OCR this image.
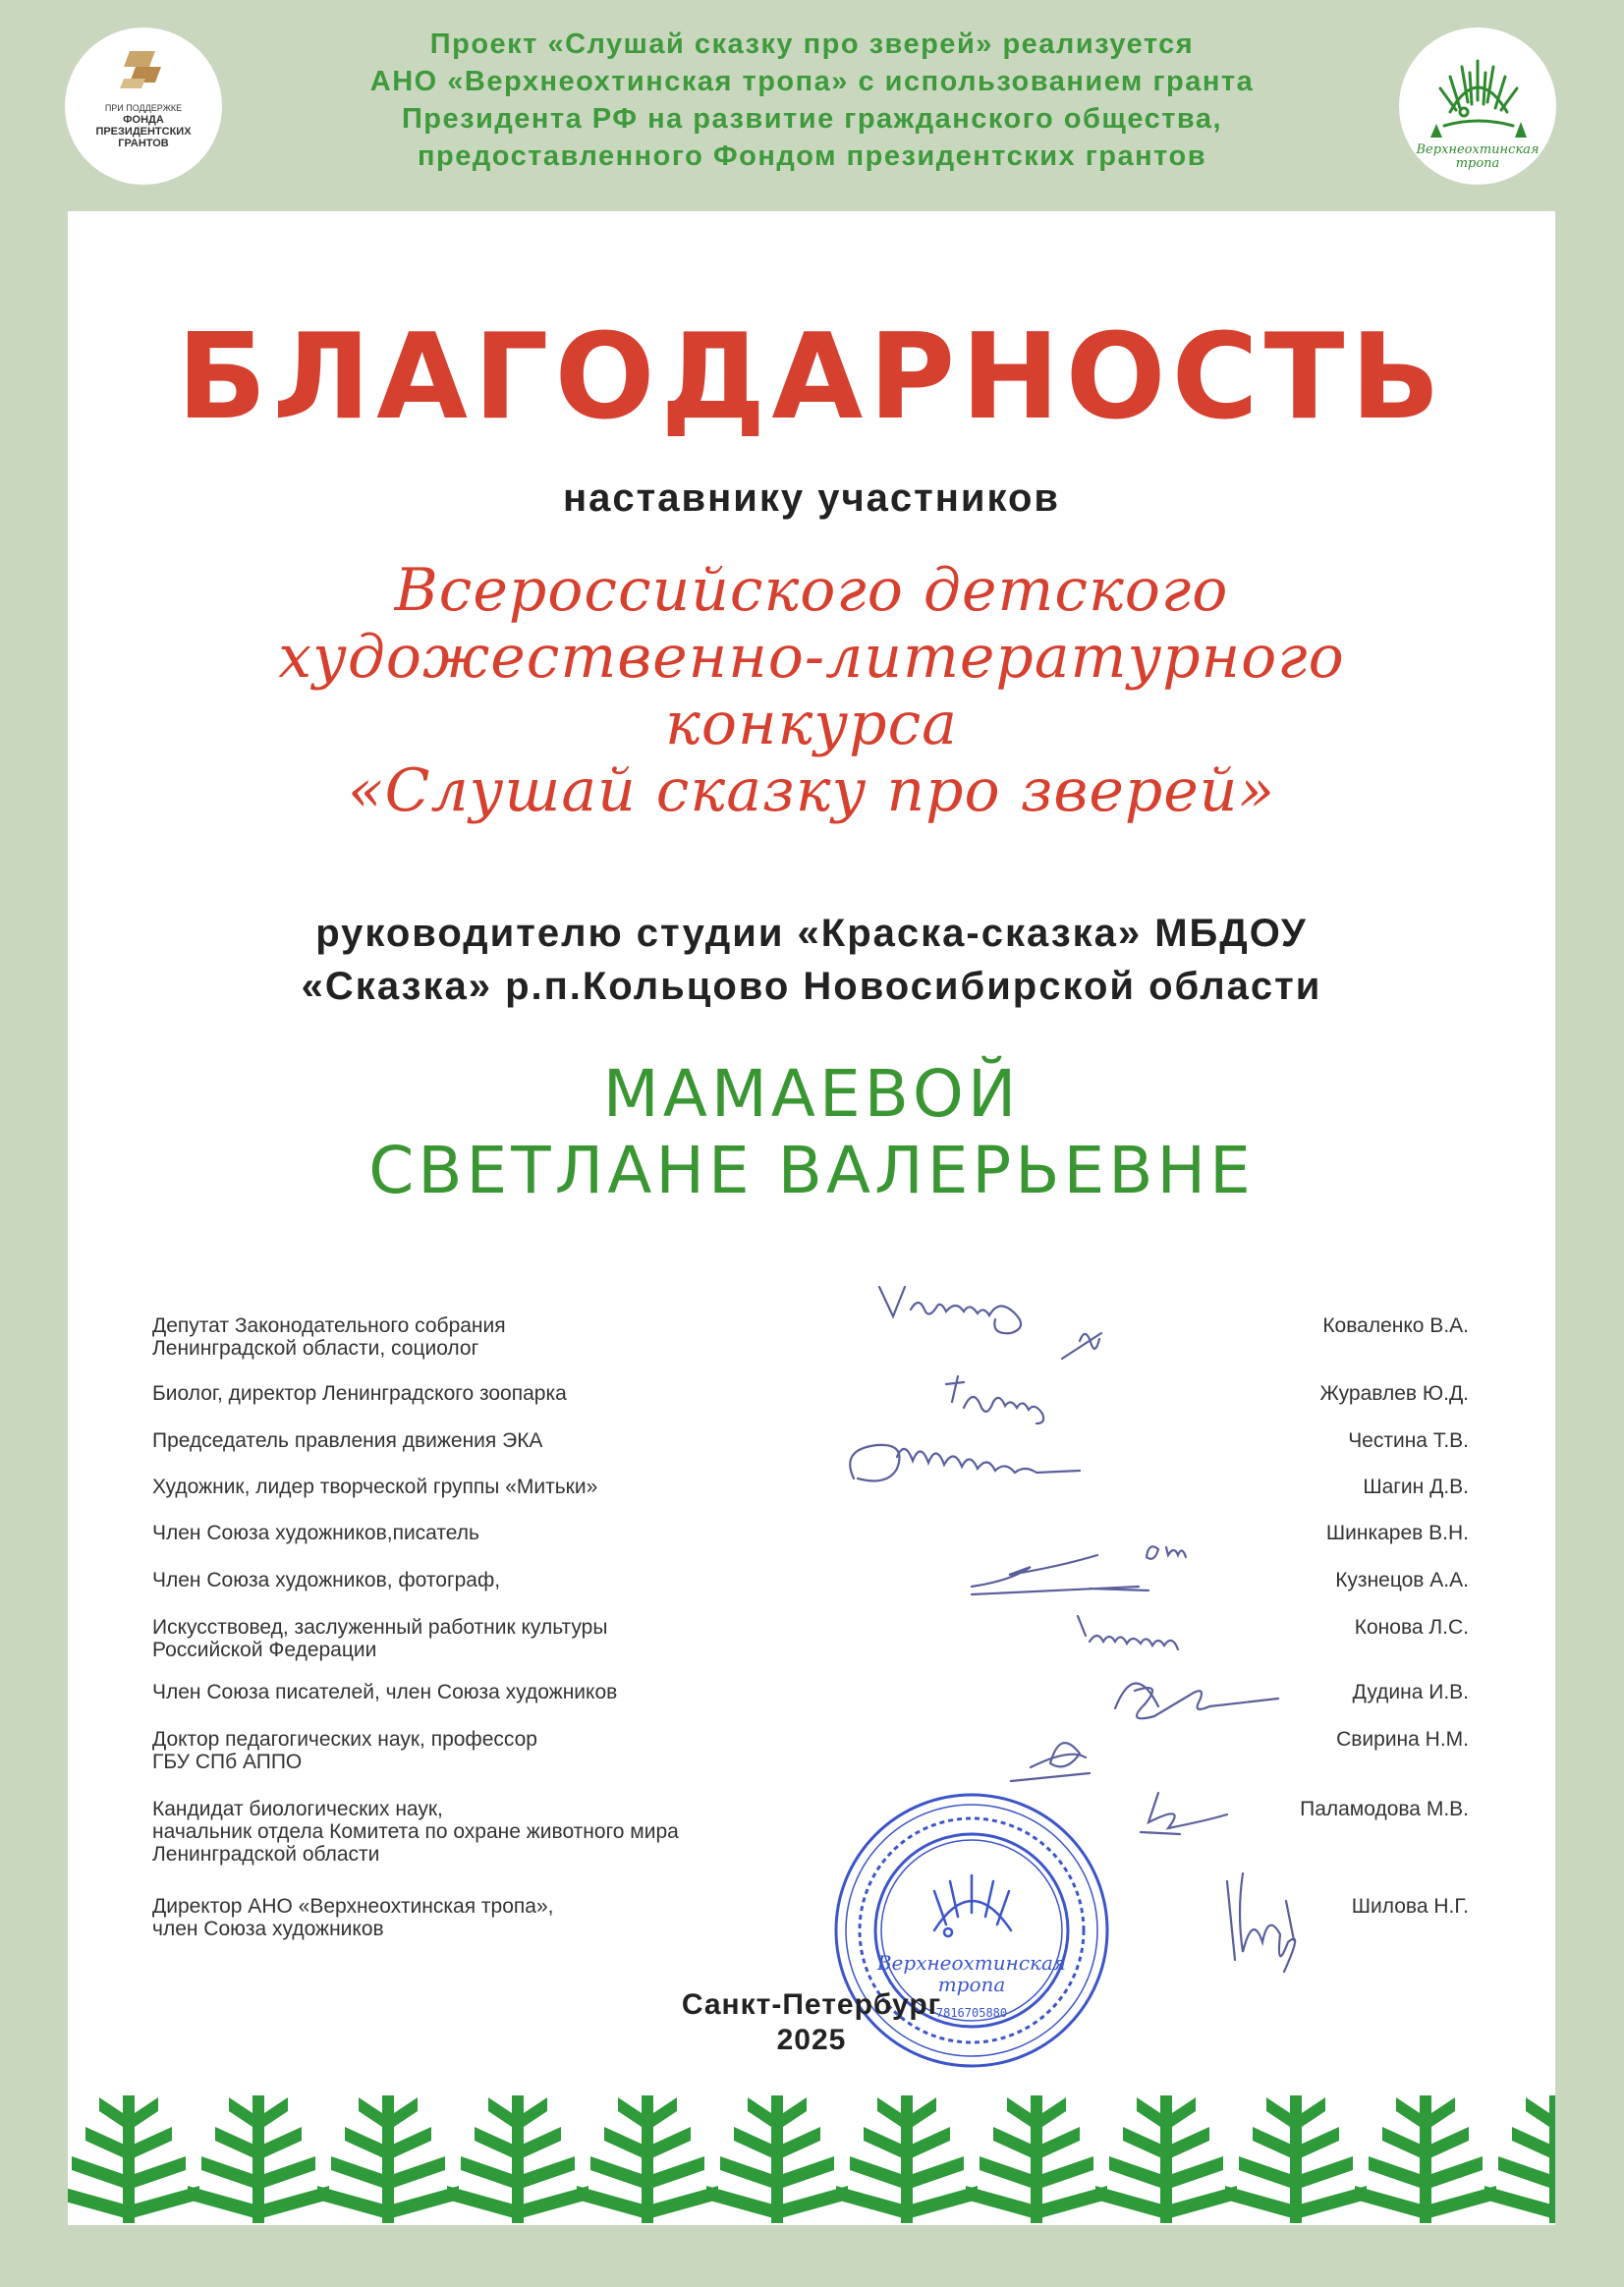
ПРИ ПОДДЕРЖКЕ
ФОНДА
ПРЕЗИДЕНТСКИХ
ГРАНТОВ
Проект «Слушай сказку про зверей» реализуется
АНО «Верхнеохтинская тропа» с использованием гранта
Президента РФ на развитие гражданского общества,
предоставленного Фондом президентских грантов	Верхнеохтинская тропа
БЛАГОДАРНОСТЬ
наставнику участников
Всероссийского детского
художественно-литературного
конкурса
«Слушай сказку про зверей»
руководителю студии «Краска-сказка» МБДОУ
«Сказка» р.п.Кольцово Новосибирской области
МАМАЕВОЙ
СВЕТЛАНЕ ВАЛЕРЬЕВНЕ
Верхнеохтинская
тропа
7816705880
Депутат Законодательного собрания
Ленинградской области, социолог
Коваленко В.А.
Биолог, директор Ленинградского зоопарка	Журавлев Ю.Д.
Председатель правления движения ЭКА	Честина Т.В.
Художник, лидер творческой группы «Митьки»	Шагин Д.В.
Член Союза художников,писатель	Шинкарев В.Н.
Член Союза художников, фотограф,	Кузнецов А.А.
Искусствовед, заслуженный работник культуры
Российской Федерации
Конова Л.С.
Член Союза писателей, член Союза художников	Дудина И.В.
Доктор педагогических наук, профессор
ГБУ СПб АППО
Свирина Н.М.
Кандидат биологических наук,
начальник отдела Комитета по охране животного мира
Ленинградской области
Паламодова М.В.
Директор АНО «Верхнеохтинская тропа»,
член Союза художников
Шилова Н.Г.
Санкт-Петербург
2025
